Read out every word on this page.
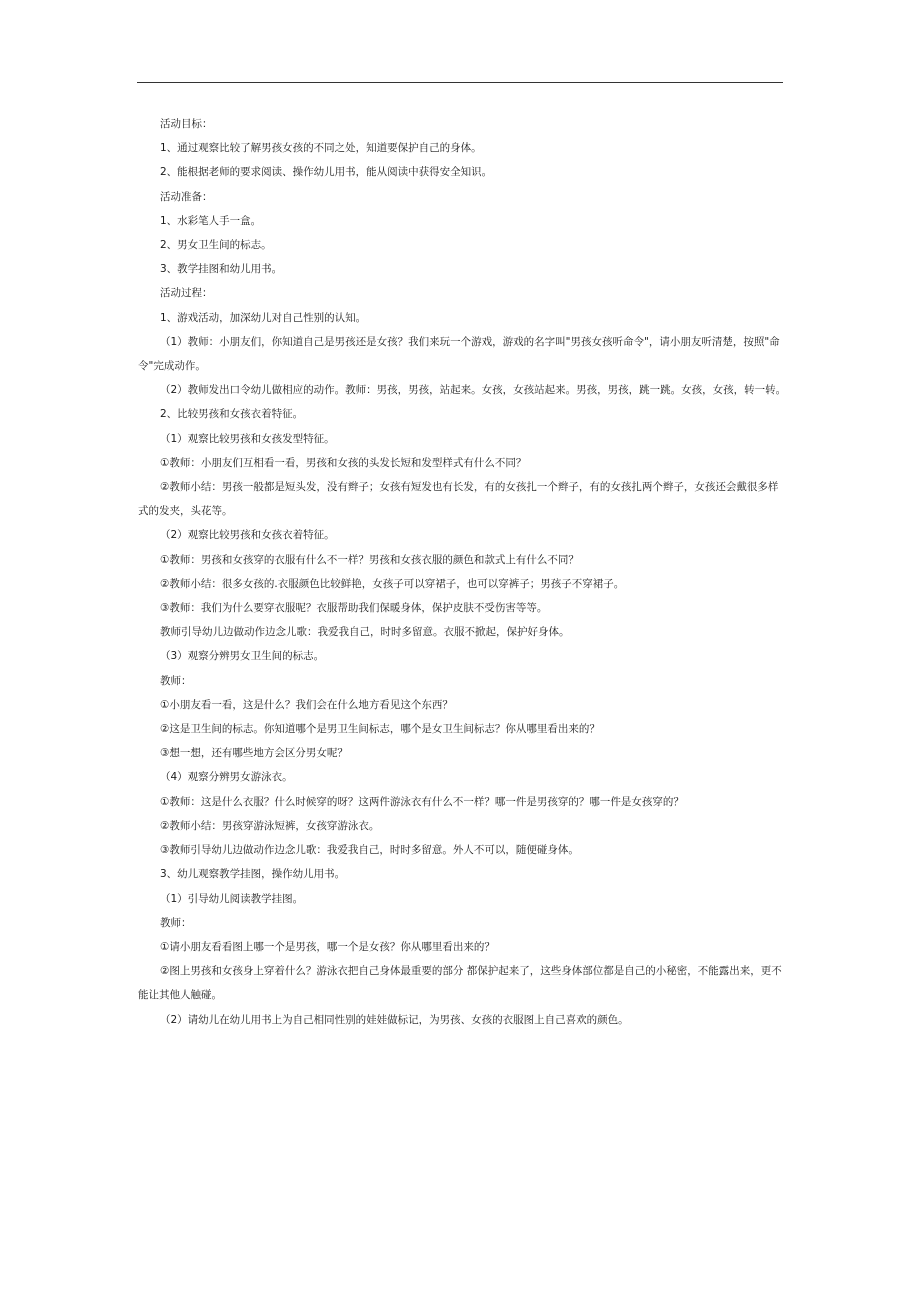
活动目标：

1、通过观察比较了解男孩女孩的不同之处，知道要保护自己的身体。

2、能根据老师的要求阅读、操作幼儿用书，能从阅读中获得安全知识。

活动准备：

1、水彩笔人手一盒。

2、男女卫生间的标志。

3、教学挂图和幼儿用书。

活动过程：

1、游戏活动，加深幼儿对自己性别的认知。

（1）教师：小朋友们，你知道自己是男孩还是女孩？我们来玩一个游戏，游戏的名字叫"男孩女孩听命令"，请小朋友听清楚，按照"命令"完成动作。

（2）教师发出口令幼儿做相应的动作。教师：男孩，男孩，站起来。女孩，女孩站起来。男孩，男孩，跳一跳。女孩，女孩，转一转。

2、比较男孩和女孩衣着特征。

（1）观察比较男孩和女孩发型特征。

①教师：小朋友们互相看一看，男孩和女孩的头发长短和发型样式有什么不同？

②教师小结：男孩一般都是短头发，没有辫子；女孩有短发也有长发，有的女孩扎一个辫子，有的女孩扎两个辫子，女孩还会戴很多样式的发夹，头花等。

（2）观察比较男孩和女孩衣着特征。

①教师：男孩和女孩穿的衣服有什么不一样？男孩和女孩衣服的颜色和款式上有什么不同？

②教师小结：很多女孩的.衣服颜色比较鲜艳，女孩子可以穿裙子，也可以穿裤子；男孩子不穿裙子。

③教师：我们为什么要穿衣服呢？衣服帮助我们保暖身体，保护皮肤不受伤害等等。

教师引导幼儿边做动作边念儿歌：我爱我自己，时时多留意。衣服不掀起，保护好身体。

（3）观察分辨男女卫生间的标志。

教师：

①小朋友看一看，这是什么？我们会在什么地方看见这个东西？

②这是卫生间的标志。你知道哪个是男卫生间标志，哪个是女卫生间标志？你从哪里看出来的？

③想一想，还有哪些地方会区分男女呢？

（4）观察分辨男女游泳衣。

①教师：这是什么衣服？什么时候穿的呀？这两件游泳衣有什么不一样？哪一件是男孩穿的？哪一件是女孩穿的？

②教师小结：男孩穿游泳短裤，女孩穿游泳衣。

③教师引导幼儿边做动作边念儿歌：我爱我自己，时时多留意。外人不可以，随便碰身体。

3、幼儿观察教学挂图，操作幼儿用书。

（1）引导幼儿阅读教学挂图。

教师：

①请小朋友看看图上哪一个是男孩，哪一个是女孩？你从哪里看出来的？

②图上男孩和女孩身上穿着什么？游泳衣把自己身体最重要的部分 都保护起来了，这些身体部位都是自己的小秘密，不能露出来，更不能让其他人触碰。

（2）请幼儿在幼儿用书上为自己相同性别的娃娃做标记，为男孩、女孩的衣服图上自己喜欢的颜色。
